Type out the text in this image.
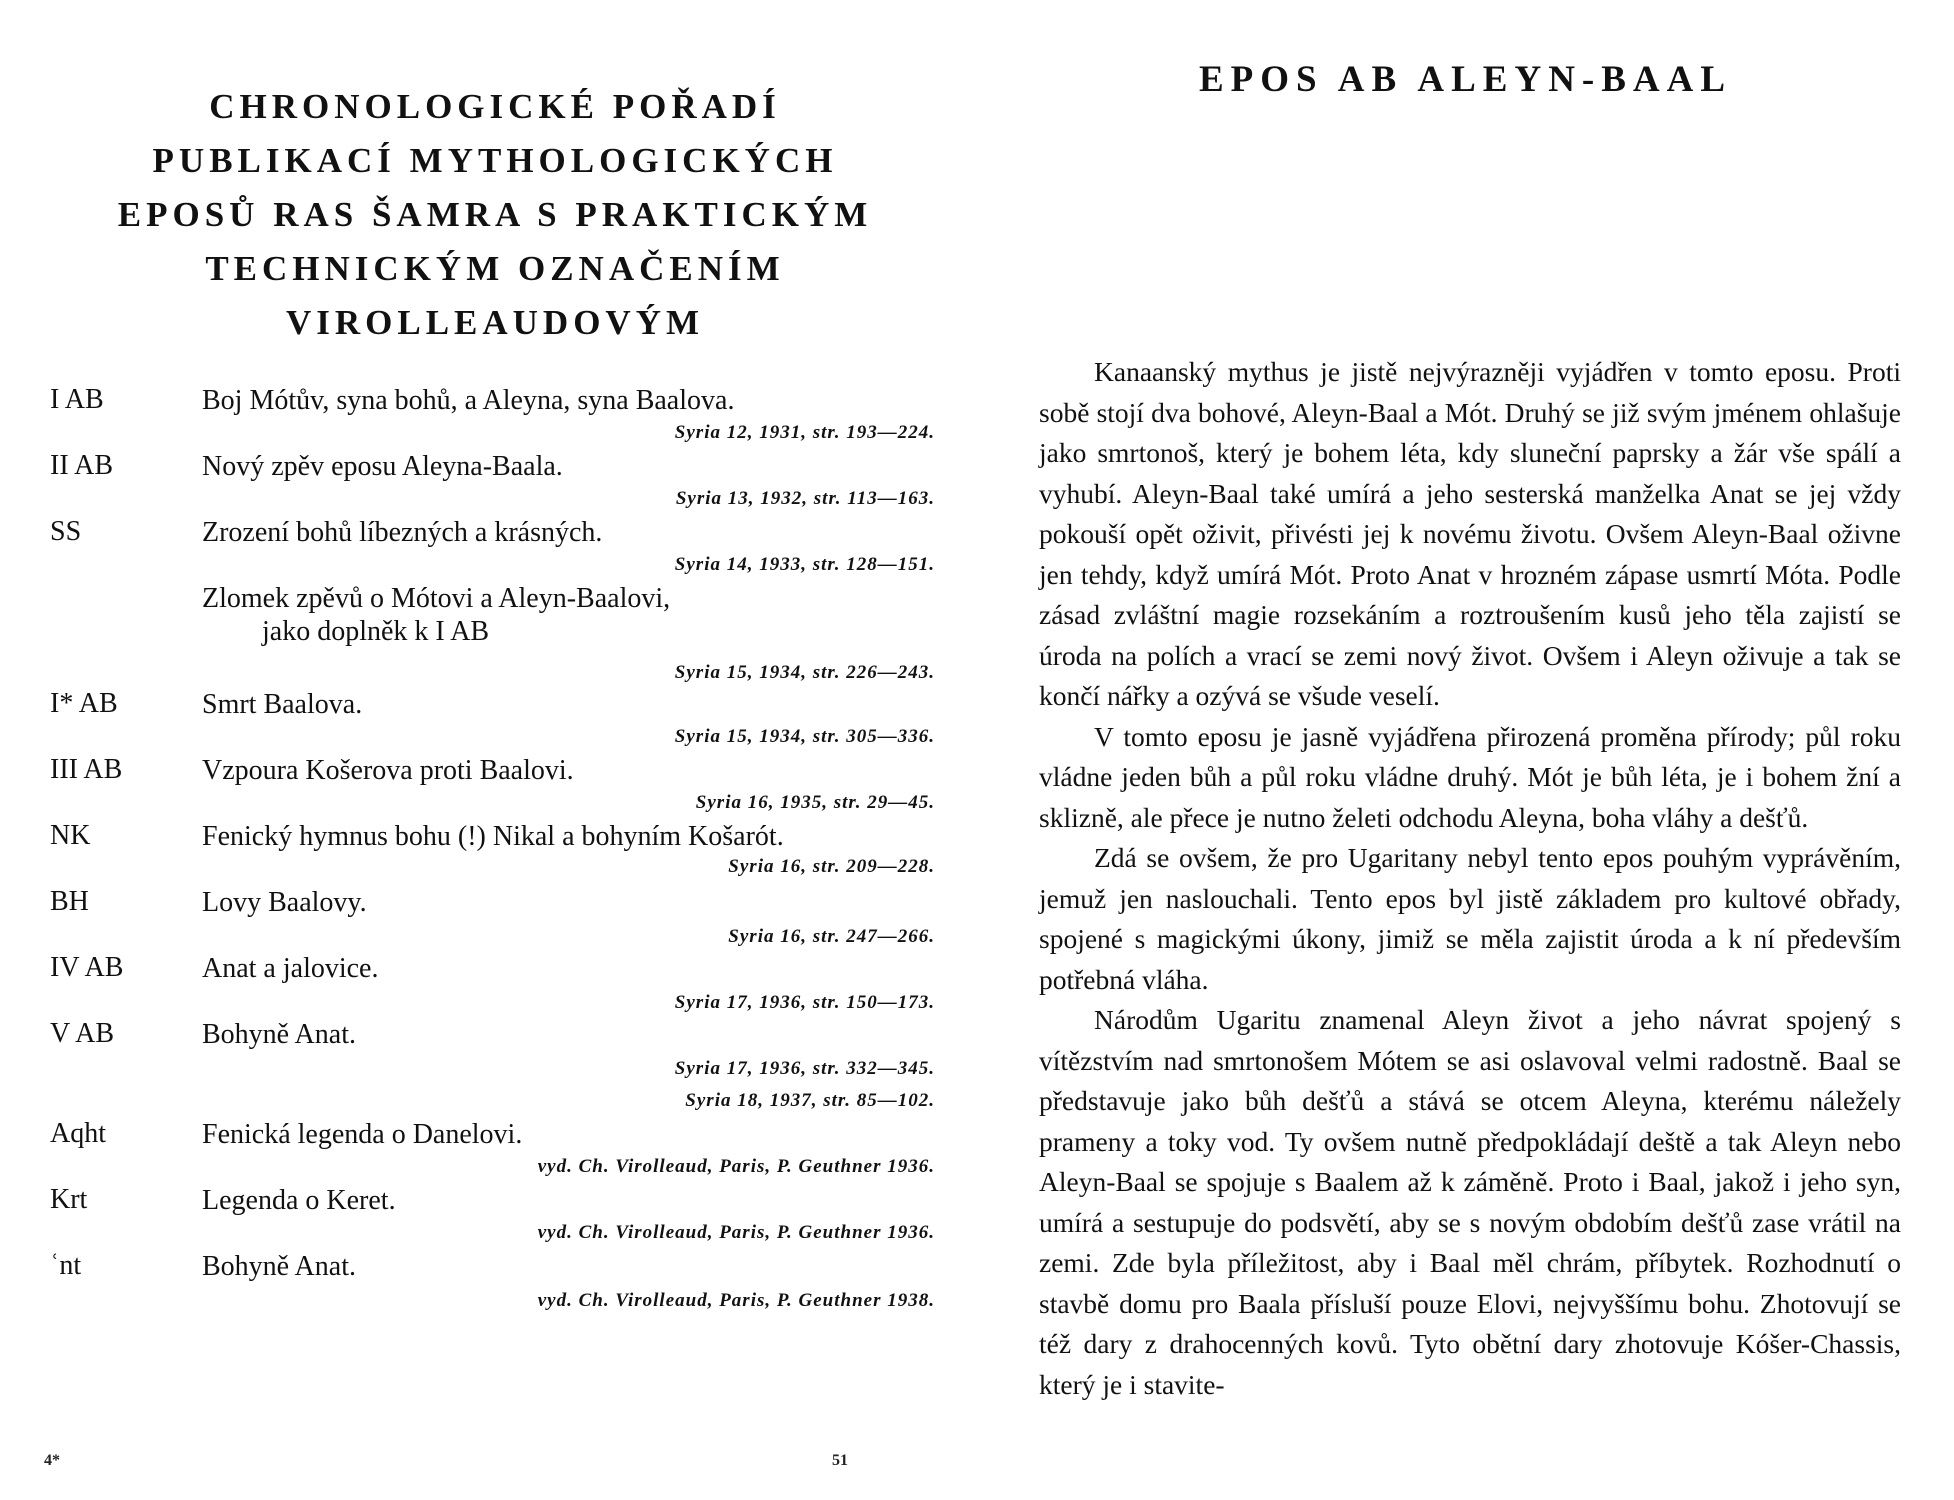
CHRONOLOGICKÉ POŘADÍ
PUBLIKACÍ MYTHOLOGICKÝCH
EPOSŮ RAS ŠAMRA S PRAKTICKÝM
TECHNICKÝM OZNAČENÍM
VIROLLEAUDOVÝM
I AB	Boj Mótův, syna bohů, a Aleyna, syna Baalova.
Syria 12, 1931, str. 193—224.
II AB	Nový zpěv eposu Aleyna-Baala.
Syria 13, 1932, str. 113—163.
SS	Zrození bohů líbezných a krásných.
Syria 14, 1933, str. 128—151.
Zlomek zpěvů o Mótovi a Aleyn-Baalovi,
jako doplněk k I AB
Syria 15, 1934, str. 226—243.
I* AB	Smrt Baalova.
Syria 15, 1934, str. 305—336.
III AB	Vzpoura Košerova proti Baalovi.
Syria 16, 1935, str. 29—45.
NK	Fenický hymnus bohu (!) Nikal a bohyním Košarót.
Syria 16, str. 209—228.
BH	Lovy Baalovy.
Syria 16, str. 247—266.
IV AB	Anat a jalovice.
Syria 17, 1936, str. 150—173.
V AB	Bohyně Anat.
Syria 17, 1936, str. 332—345.
Syria 18, 1937, str. 85—102.
Aqht	Fenická legenda o Danelovi.
vyd. Ch. Virolleaud, Paris, P. Geuthner 1936.
Krt	Legenda o Keret.
vyd. Ch. Virolleaud, Paris, P. Geuthner 1936.
ʿnt	Bohyně Anat.
vyd. Ch. Virolleaud, Paris, P. Geuthner 1938.
4*	51
EPOS AB ALEYN-BAAL

Kanaanský mythus je jistě nejvýrazněji vyjádřen v tomto eposu. Proti sobě stojí dva bohové, Aleyn-Baal a Mót. Druhý se již svým jménem ohlašuje jako smrtonoš, který je bohem léta, kdy sluneční paprsky a žár vše spálí a vyhubí. Aleyn-Baal také umírá a jeho sesterská manželka Anat se jej vždy pokouší opět oživit, přivésti jej k novému životu. Ovšem Aleyn-Baal oživne jen tehdy, když umírá Mót. Proto Anat v hrozném zápase usmrtí Móta. Podle zásad zvláštní magie rozsekáním a roztroušením kusů jeho těla zajistí se úroda na polích a vrací se zemi nový život. Ovšem i Aleyn oživuje a tak se končí nářky a ozývá se všude veselí.

V tomto eposu je jasně vyjádřena přirozená proměna přírody; půl roku vládne jeden bůh a půl roku vládne druhý. Mót je bůh léta, je i bohem žní a sklizně, ale přece je nutno želeti odchodu Aleyna, boha vláhy a dešťů.

Zdá se ovšem, že pro Ugaritany nebyl tento epos pouhým vyprávěním, jemuž jen naslouchali. Tento epos byl jistě základem pro kultové obřady, spojené s magickými úkony, jimiž se měla zajistit úroda a k ní především potřebná vláha.

Národům Ugaritu znamenal Aleyn život a jeho návrat spojený s vítězstvím nad smrtonošem Mótem se asi oslavoval velmi radostně. Baal se představuje jako bůh dešťů a stává se otcem Aleyna, kterému náležely prameny a toky vod. Ty ovšem nutně předpokládají deště a tak Aleyn nebo Aleyn-Baal se spojuje s Baalem až k záměně. Proto i Baal, jakož i jeho syn, umírá a sestupuje do podsvětí, aby se s novým obdobím dešťů zase vrátil na zemi. Zde byla příležitost, aby i Baal měl chrám, příbytek. Rozhodnutí o stavbě domu pro Baala přísluší pouze Elovi, nejvyššímu bohu. Zhotovují se též dary z drahocenných kovů. Tyto obětní dary zhotovuje Kóšer-Chassis, který je i stavite-
